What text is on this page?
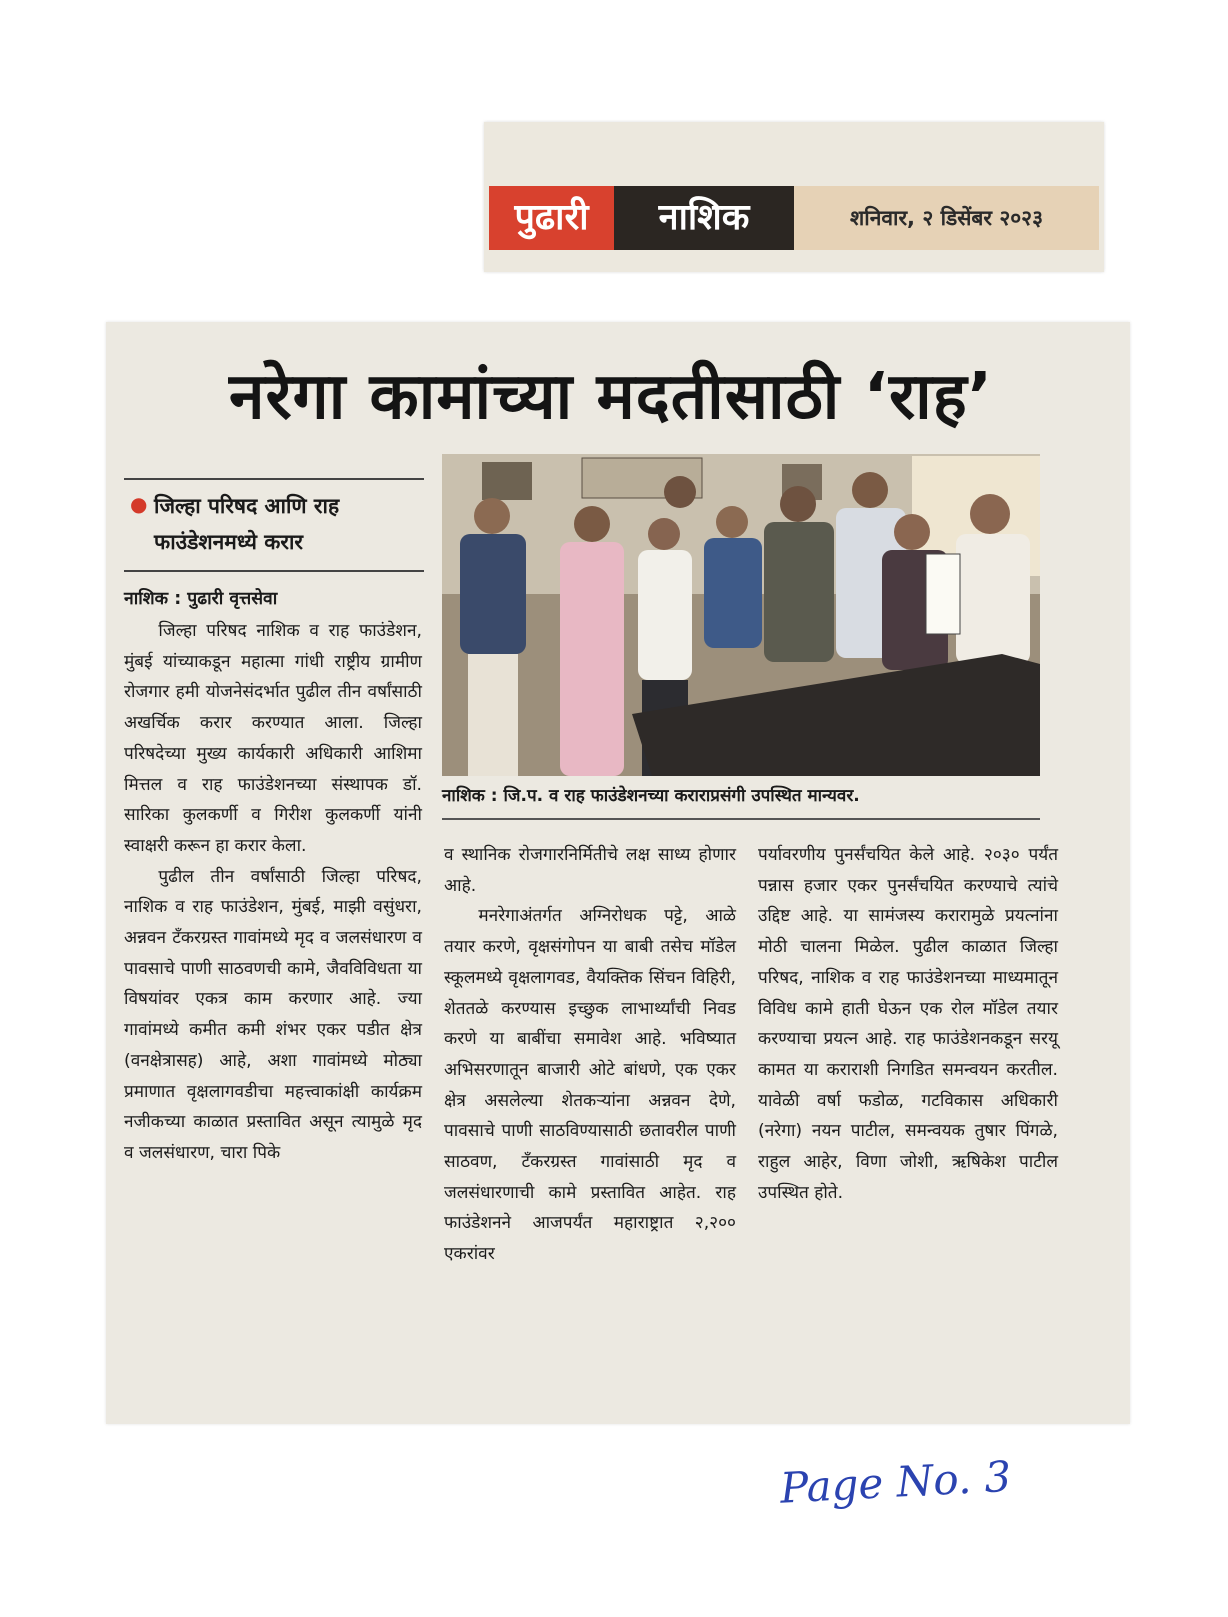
पुढारी	नाशिक	शनिवार, २ डिसेंबर २०२३
नरेगा कामांच्या मदतीसाठी ‘राह’
● जिल्हा परिषद आणि राह फाउंडेशनमध्ये करार
नाशिक : पुढारी वृत्तसेवा

जिल्हा परिषद नाशिक व राह फाउंडेशन, मुंबई यांच्याकडून महात्मा गांधी राष्ट्रीय ग्रामीण रोजगार हमी योजनेसंदर्भात पुढील तीन वर्षांसाठी अखर्चिक करार करण्यात आला. जिल्हा परिषदेच्या मुख्य कार्यकारी अधिकारी आशिमा मित्तल व राह फाउंडेशनच्या संस्थापक डॉ. सारिका कुलकर्णी व गिरीश कुलकर्णी यांनी स्वाक्षरी करून हा करार केला.

पुढील तीन वर्षांसाठी जिल्हा परिषद, नाशिक व राह फाउंडेशन, मुंबई, माझी वसुंधरा, अन्नवन टँकरग्रस्त गावांमध्ये मृद व जलसंधारण व पावसाचे पाणी साठवणची कामे, जैवविविधता या विषयांवर एकत्र काम करणार आहे. ज्या गावांमध्ये कमीत कमी शंभर एकर पडीत क्षेत्र (वनक्षेत्रासह) आहे, अशा गावांमध्ये मोठ्या प्रमाणात वृक्षलागवडीचा महत्त्वाकांक्षी कार्यक्रम नजीकच्या काळात प्रस्तावित असून त्यामुळे मृद व जलसंधारण, चारा पिके

नाशिक : जि.प. व राह फाउंडेशनच्या कराराप्रसंगी उपस्थित मान्यवर.

व स्थानिक रोजगारनिर्मितीचे लक्ष साध्य होणार आहे.

मनरेगाअंतर्गत अग्निरोधक पट्टे, आळे तयार करणे, वृक्षसंगोपन या बाबी तसेच मॉडेल स्कूलमध्ये वृक्षलागवड, वैयक्तिक सिंचन विहिरी, शेततळे करण्यास इच्छुक लाभार्थ्यांची निवड करणे या बाबींचा समावेश आहे. भविष्यात अभिसरणातून बाजारी ओटे बांधणे, एक एकर क्षेत्र असलेल्या शेतकऱ्यांना अन्नवन देणे, पावसाचे पाणी साठविण्यासाठी छतावरील पाणी साठवण, टँकरग्रस्त गावांसाठी मृद व जलसंधारणाची कामे प्रस्तावित आहेत. राह फाउंडेशनने आजपर्यंत महाराष्ट्रात २,२०० एकरांवर

पर्यावरणीय पुनर्संचयित केले आहे. २०३० पर्यंत पन्नास हजार एकर पुनर्संचयित करण्याचे त्यांचे उद्दिष्ट आहे. या सामंजस्य करारामुळे प्रयत्नांना मोठी चालना मिळेल. पुढील काळात जिल्हा परिषद, नाशिक व राह फाउंडेशनच्या माध्यमातून विविध कामे हाती घेऊन एक रोल मॉडेल तयार करण्याचा प्रयत्न आहे. राह फाउंडेशनकडून सरयू कामत या कराराशी निगडित समन्वयन करतील. यावेळी वर्षा फडोळ, गटविकास अधिकारी (नरेगा) नयन पाटील, समन्वयक तुषार पिंगळे, राहुल आहेर, विणा जोशी, ऋषिकेश पाटील उपस्थित होते.

Page No. 3
